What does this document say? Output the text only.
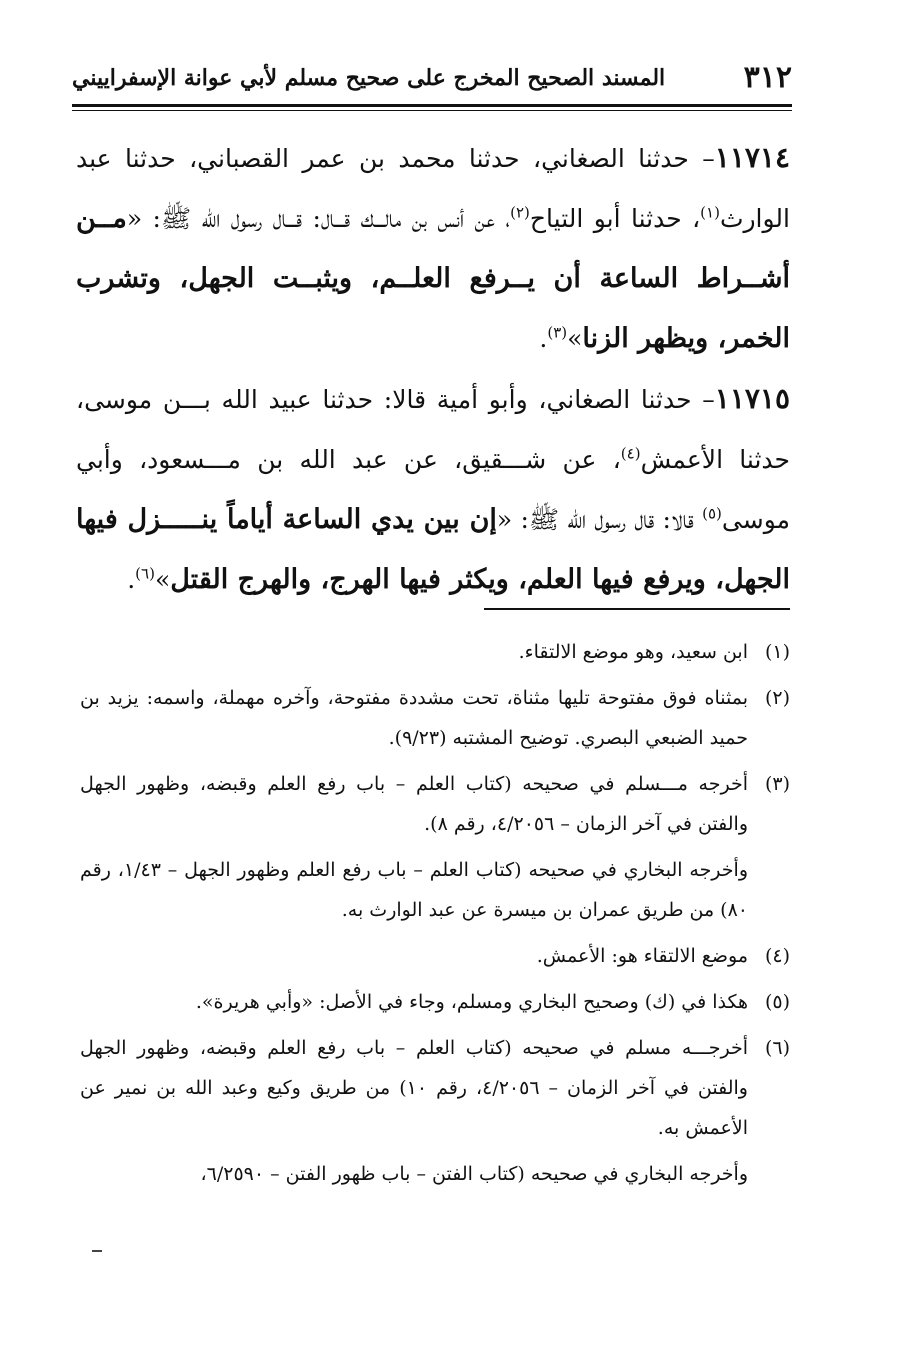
٣١٢
المسند الصحيح المخرج على صحيح مسلم لأبي عوانة الإسفراييني

١١٧١٤– حدثنا الصغاني، حدثنا محمد بن عمر القصباني، حدثنا عبد الوارث$^{(١)}$، حدثنا أبو التياح$^{(٢)}$، عن أنس بن مالـــك قـــال: قـــال رسول الله ﷺ: «مــن أشــراط الساعة أن يــرفع العلــم، ويثبــت الجهل، وتشرب الخمر، ويظهر الزنا»$^{(٣)}$.

١١٧١٥– حدثنا الصغاني، وأبو أمية قالا: حدثنا عبيد الله بـــن موسى، حدثنا الأعمش$^{(٤)}$، عن شـــقيق، عن عبد الله بن مـــسعود، وأبي موسى$^{(٥)}$ قالا: قال رسول الله ﷺ: «إن بين يدي الساعة أياماً ينـــــزل فيها الجهل، ويرفع فيها العلم، ويكثر فيها الهرج، والهرج القتل»$^{(٦)}$.

(١)ابن سعيد، وهو موضع الالتقاء.

(٢)بمثناه فوق مفتوحة تليها مثناة، تحت مشددة مفتوحة، وآخره مهملة، واسمه: يزيد بن حميد الضبعي البصري. توضيح المشتبه (٩/٢٣).

(٣)أخرجه مـــسلم في صحيحه (كتاب العلم – باب رفع العلم وقبضه، وظهور الجهل والفتن في آخر الزمان – ٤/٢٠٥٦، رقم ٨).

وأخرجه البخاري في صحيحه (كتاب العلم – باب رفع العلم وظهور الجهل – ١/٤٣، رقم ٨٠) من طريق عمران بن ميسرة عن عبد الوارث به.

(٤)موضع الالتقاء هو: الأعمش.

(٥)هكذا في (ك) وصحيح البخاري ومسلم، وجاء في الأصل: «وأبي هريرة».

(٦)أخرجـــه مسلم في صحيحه (كتاب العلم – باب رفع العلم وقبضه، وظهور الجهل والفتن في آخر الزمان – ٤/٢٠٥٦، رقم ١٠) من طريق وكيع وعبد الله بن نمير عن الأعمش به.

وأخرجه البخاري في صحيحه (كتاب الفتن – باب ظهور الفتن – ٦/٢٥٩٠،
